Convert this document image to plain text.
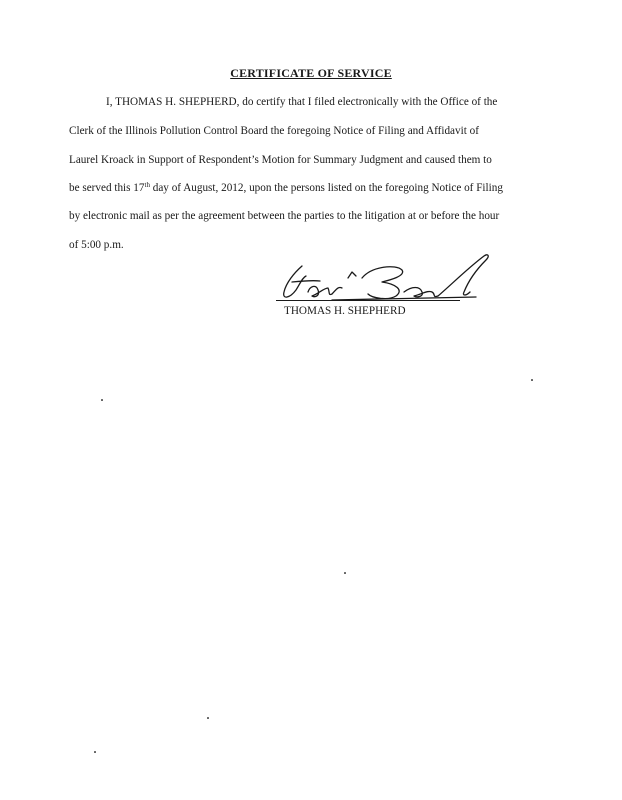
CERTIFICATE OF SERVICE
I, THOMAS H. SHEPHERD, do certify that I filed electronically with the Office of the
Clerk of the Illinois Pollution Control Board the foregoing Notice of Filing and Affidavit of
Laurel Kroack in Support of Respondent’s Motion for Summary Judgment and caused them to
be served this 17th day of August, 2012, upon the persons listed on the foregoing Notice of Filing
by electronic mail as per the agreement between the parties to the litigation at or before the hour
of 5:00 p.m.
THOMAS H. SHEPHERD
